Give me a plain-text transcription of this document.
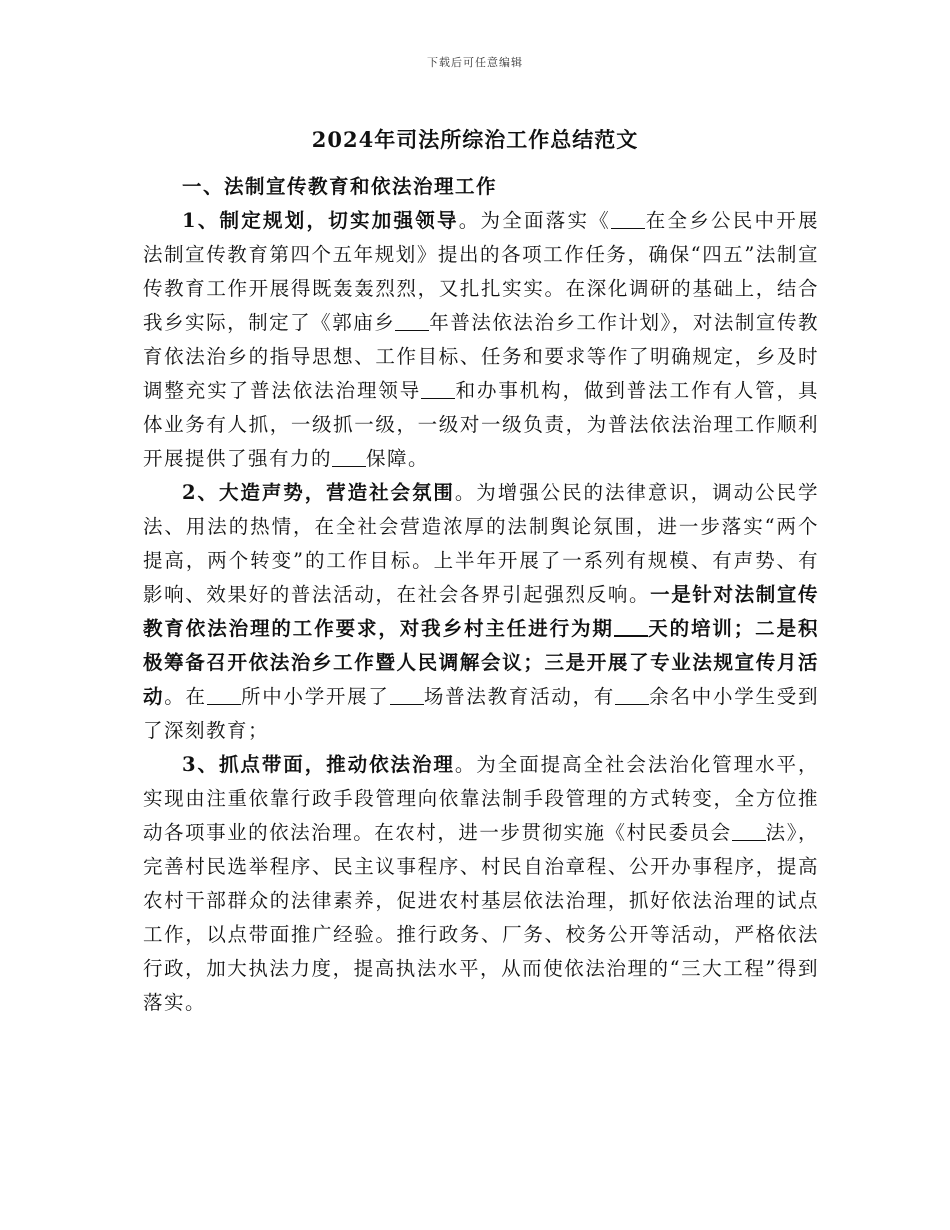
下载后可任意编辑
2024年司法所综治工作总结范文

一、法制宣传教育和依法治理工作

1、制定规划，切实加强领导。为全面落实《 在全乡公民中开展法制宣传教育第四个五年规划》提出的各项工作任务，确保“四五”法制宣传教育工作开展得既轰轰烈烈，又扎扎实实。在深化调研的基础上，结合我乡实际，制定了《郭庙乡 年普法依法治乡工作计划》，对法制宣传教育依法治乡的指导思想、工作目标、任务和要求等作了明确规定，乡及时调整充实了普法依法治理领导 和办事机构，做到普法工作有人管，具体业务有人抓，一级抓一级，一级对一级负责，为普法依法治理工作顺利开展提供了强有力的 保障。

2、大造声势，营造社会氛围。为增强公民的法律意识，调动公民学法、用法的热情，在全社会营造浓厚的法制舆论氛围，进一步落实“两个提高，两个转变”的工作目标。上半年开展了一系列有规模、有声势、有影响、效果好的普法活动，在社会各界引起强烈反响。一是针对法制宣传教育依法治理的工作要求，对我乡村主任进行为期 天的培训；二是积极筹备召开依法治乡工作暨人民调解会议；三是开展了专业法规宣传月活动。在 所中小学开展了 场普法教育活动，有 余名中小学生受到了深刻教育；

3、抓点带面，推动依法治理。为全面提高全社会法治化管理水平，实现由注重依靠行政手段管理向依靠法制手段管理的方式转变，全方位推动各项事业的依法治理。在农村，进一步贯彻实施《村民委员会 法》，完善村民选举程序、民主议事程序、村民自治章程、公开办事程序，提高农村干部群众的法律素养，促进农村基层依法治理，抓好依法治理的试点工作，以点带面推广经验。推行政务、厂务、校务公开等活动，严格依法行政，加大执法力度，提高执法水平，从而使依法治理的“三大工程”得到落实。
